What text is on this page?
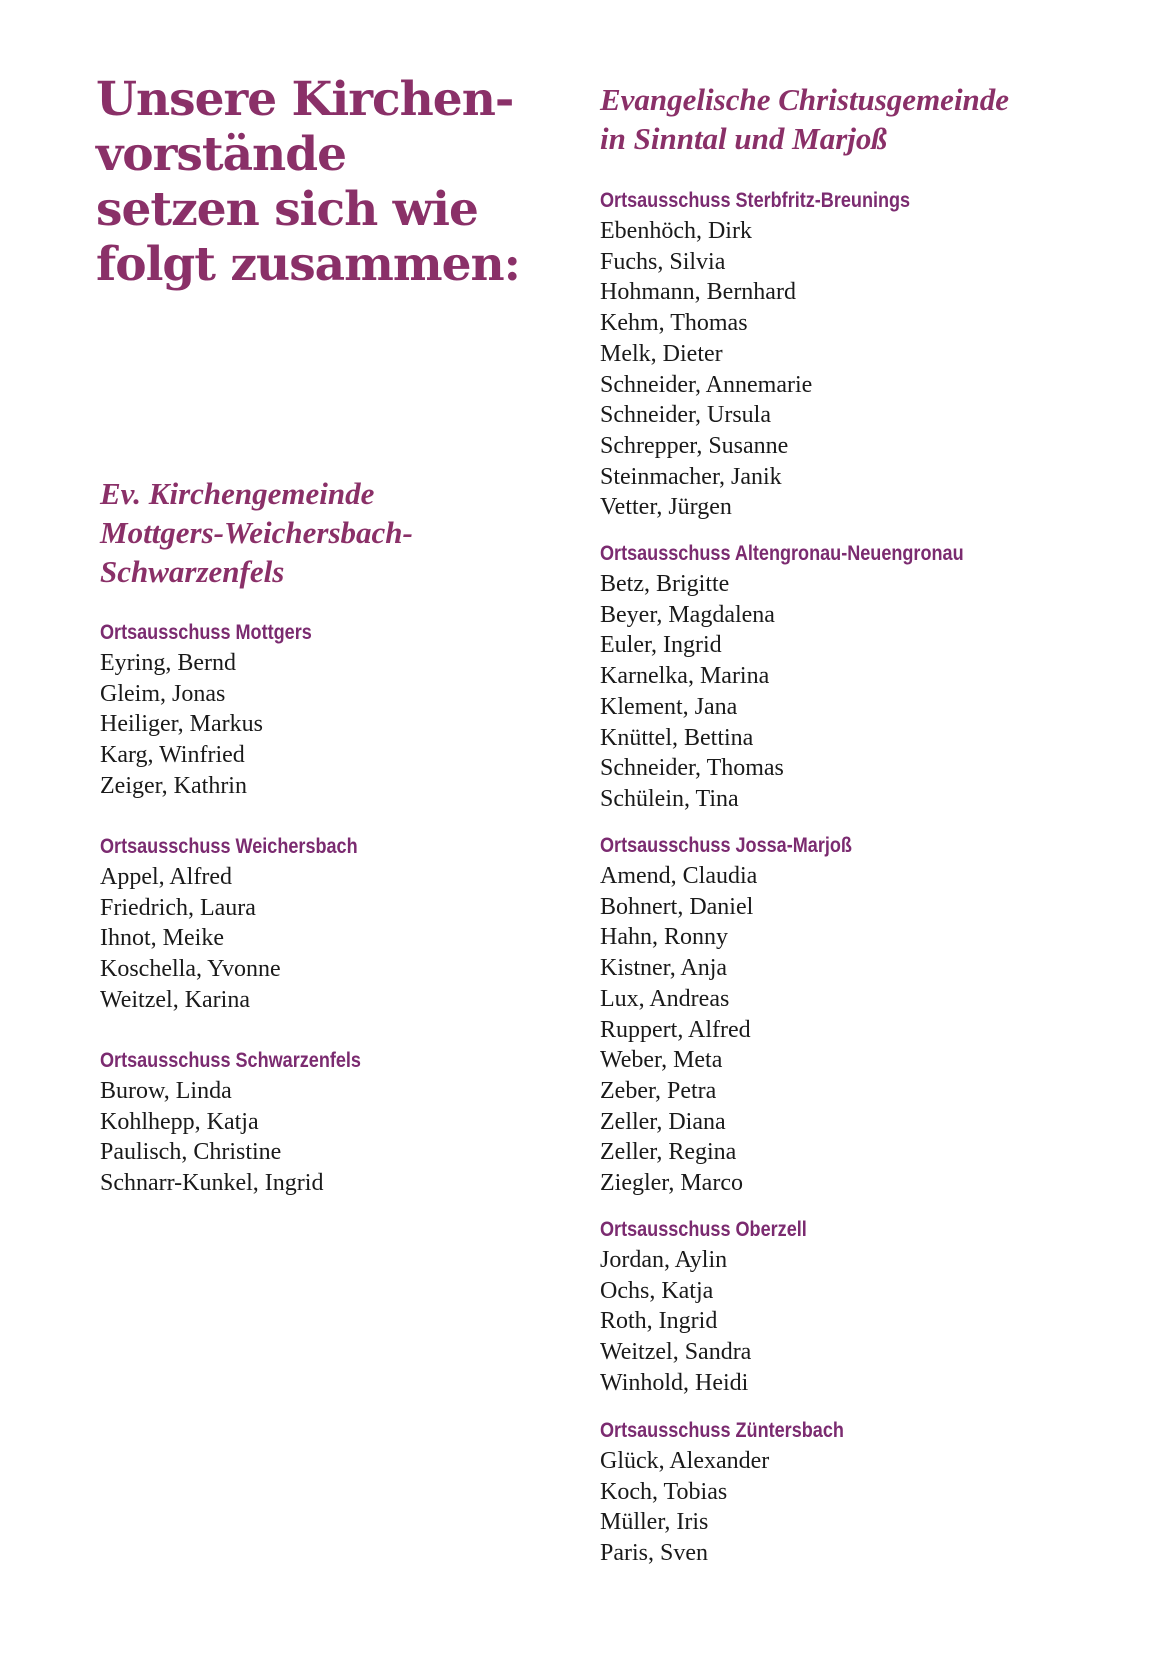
Unsere Kirchen-
vorstände
setzen sich wie
folgt zusammen:
Ev. Kirchengemeinde
Mottgers-Weichersbach-
Schwarzenfels
Ortsausschuss Mottgers
Eyring, Bernd
Gleim, Jonas
Heiliger, Markus
Karg, Winfried
Zeiger, Kathrin
Ortsausschuss Weichersbach
Appel, Alfred
Friedrich, Laura
Ihnot, Meike
Koschella, Yvonne
Weitzel, Karina
Ortsausschuss Schwarzenfels
Burow, Linda
Kohlhepp, Katja
Paulisch, Christine
Schnarr-Kunkel, Ingrid
Evangelische Christusgemeinde
in Sinntal und Marjoß
Ortsausschuss Sterbfritz-Breunings
Ebenhöch, Dirk
Fuchs, Silvia
Hohmann, Bernhard
Kehm, Thomas
Melk, Dieter
Schneider, Annemarie
Schneider, Ursula
Schrepper, Susanne
Steinmacher, Janik
Vetter, Jürgen
Ortsausschuss Altengronau-Neuengronau
Betz, Brigitte
Beyer, Magdalena
Euler, Ingrid
Karnelka, Marina
Klement, Jana
Knüttel, Bettina
Schneider, Thomas
Schülein, Tina
Ortsausschuss Jossa-Marjoß
Amend, Claudia
Bohnert, Daniel
Hahn, Ronny
Kistner, Anja
Lux, Andreas
Ruppert, Alfred
Weber, Meta
Zeber, Petra
Zeller, Diana
Zeller, Regina
Ziegler, Marco
Ortsausschuss Oberzell
Jordan, Aylin
Ochs, Katja
Roth, Ingrid
Weitzel, Sandra
Winhold, Heidi
Ortsausschuss Züntersbach
Glück, Alexander
Koch, Tobias
Müller, Iris
Paris, Sven
